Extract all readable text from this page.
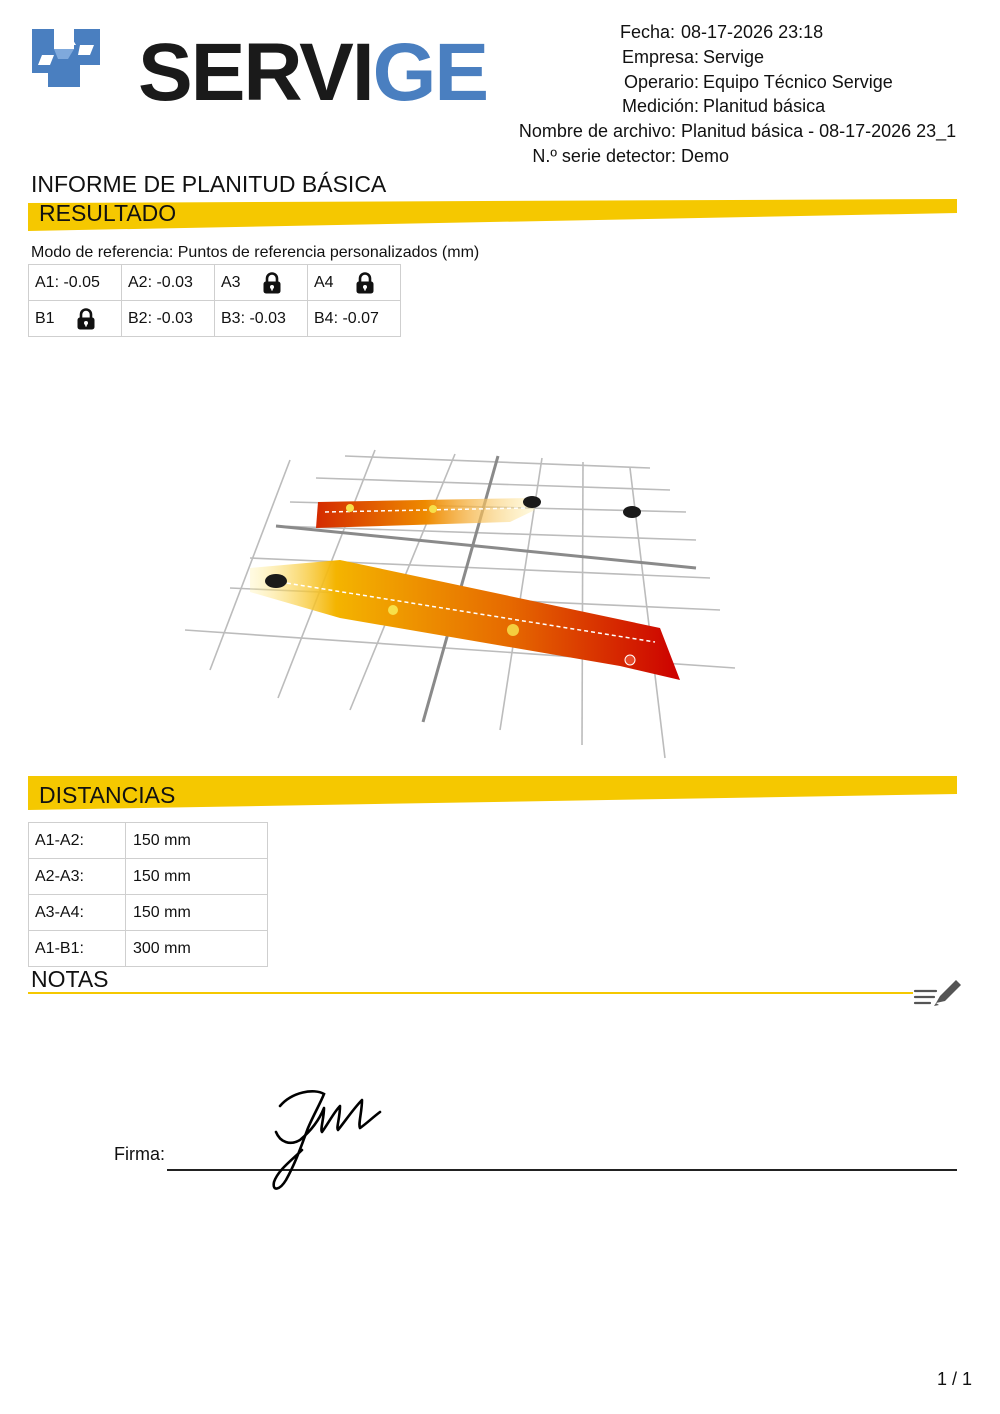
SERVIGE	Fecha: 08-17-2026 23:18
Empresa: Servige
Operario: Equipo Técnico Servige
Medición: Planitud básica
Nombre de archivo: Planitud básica - 08-17-2026 23_1
N.º serie detector: Demo
INFORME DE PLANITUD BÁSICA
RESULTADO
Modo de referencia: Puntos de referencia personalizados (mm)
A1: -0.05	A2: -0.03	A3	A4

B1	B2: -0.03	B3: -0.03	B4: -0.07
DISTANCIAS
A1-A2:	150 mm
A2-A3:	150 mm
A3-A4:	150 mm
A1-B1:	300 mm
NOTAS
Firma:
1 / 1
